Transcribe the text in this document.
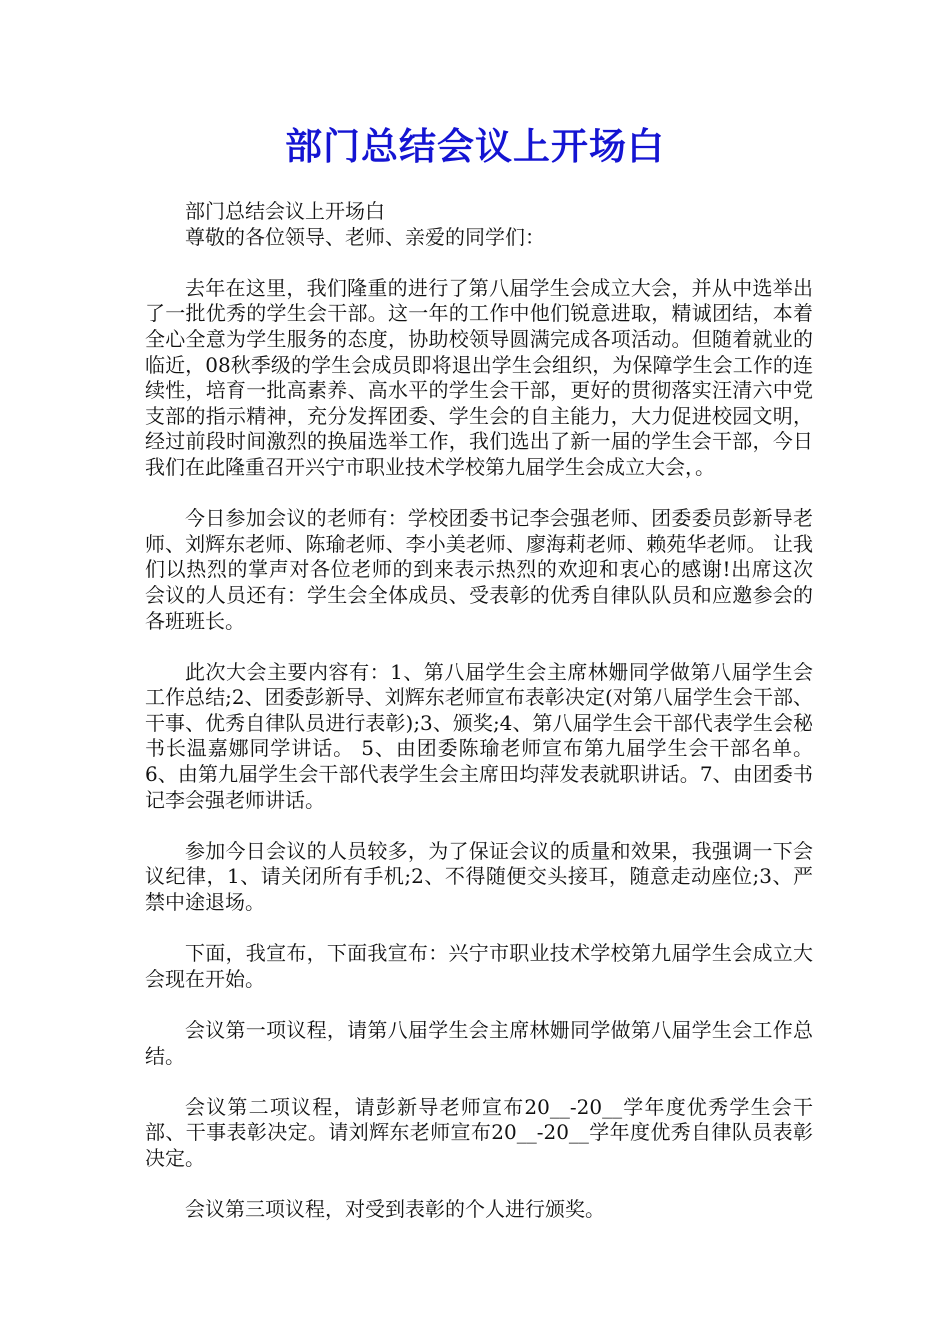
部门总结会议上开场白

部门总结会议上开场白

尊敬的各位领导、老师、亲爱的同学们：

去年在这里，我们隆重的进行了第八届学生会成立大会，并从中选举出了一批优秀的学生会干部。这一年的工作中他们锐意进取，精诚团结，本着全心全意为学生服务的态度，协助校领导圆满完成各项活动。但随着就业的临近，08秋季级的学生会成员即将退出学生会组织，为保障学生会工作的连续性，培育一批高素养、高水平的学生会干部，更好的贯彻落实汪清六中党支部的指示精神，充分发挥团委、学生会的自主能力，大力促进校园文明，经过前段时间激烈的换届选举工作，我们选出了新一届的学生会干部，今日我们在此隆重召开兴宁市职业技术学校第九届学生会成立大会，。

今日参加会议的老师有：学校团委书记李会强老师、团委委员彭新导老师、刘辉东老师、陈瑜老师、李小美老师、廖海莉老师、赖苑华老师。 让我们以热烈的掌声对各位老师的到来表示热烈的欢迎和衷心的感谢!出席这次会议的人员还有：学生会全体成员、受表彰的优秀自律队队员和应邀参会的各班班长。

此次大会主要内容有：1、第八届学生会主席林姗同学做第八届学生会工作总结;2、团委彭新导、刘辉东老师宣布表彰决定(对第八届学生会干部、干事、优秀自律队员进行表彰);3、颁奖;4、第八届学生会干部代表学生会秘书长温嘉娜同学讲话。 5、由团委陈瑜老师宣布第九届学生会干部名单。6、由第九届学生会干部代表学生会主席田均萍发表就职讲话。7、由团委书记李会强老师讲话。

参加今日会议的人员较多，为了保证会议的质量和效果，我强调一下会议纪律，1、请关闭所有手机;2、不得随便交头接耳，随意走动座位;3、严禁中途退场。

下面，我宣布，下面我宣布：兴宁市职业技术学校第九届学生会成立大会现在开始。

会议第一项议程，请第八届学生会主席林姗同学做第八届学生会工作总结。

会议第二项议程，请彭新导老师宣布20__-20__学年度优秀学生会干部、干事表彰决定。请刘辉东老师宣布20__-20__学年度优秀自律队员表彰决定。

会议第三项议程，对受到表彰的个人进行颁奖。
